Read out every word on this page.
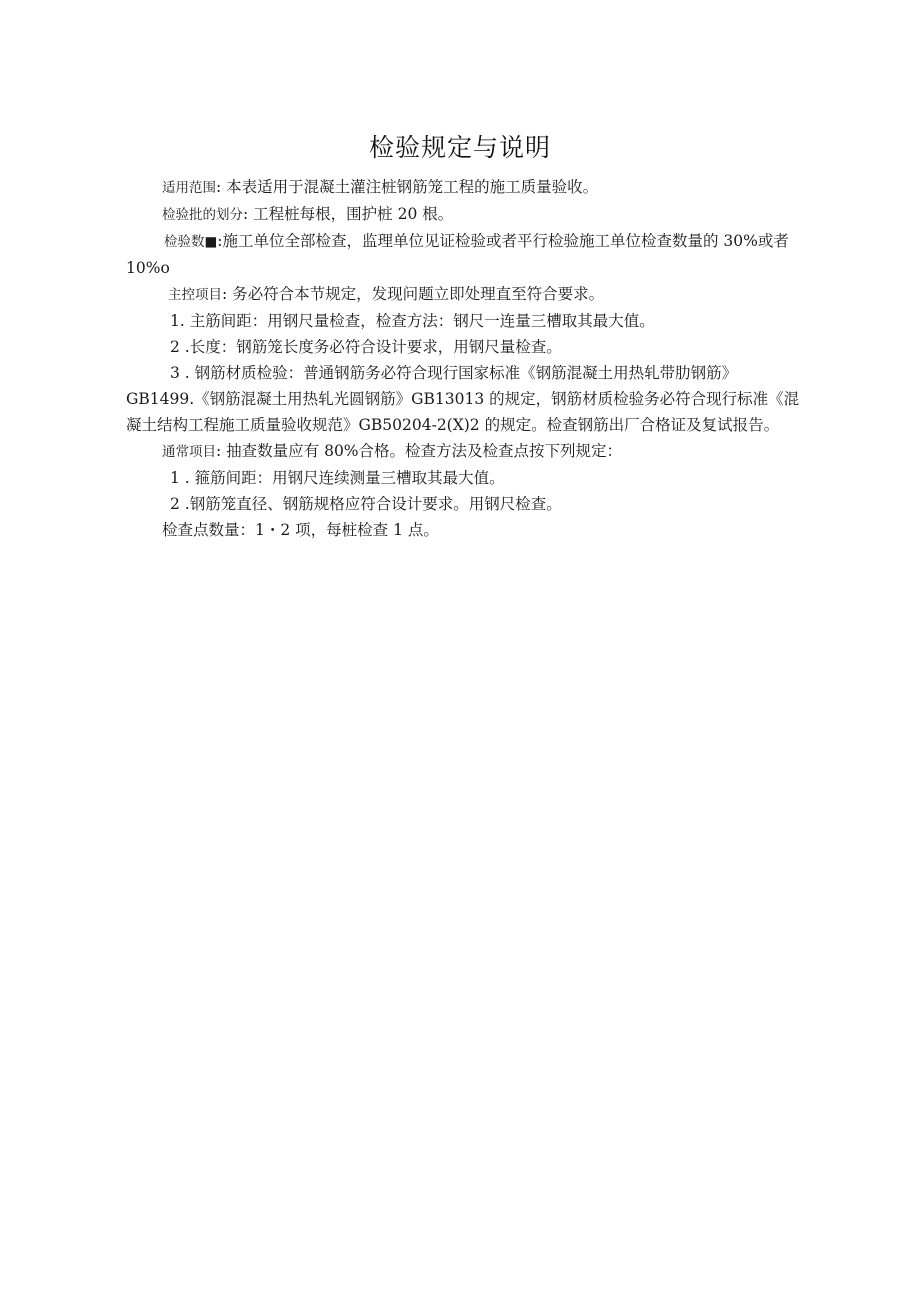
检验规定与说明
适用范围: 本表适用于混凝土灌注桩钢筋笼工程的施工质量验收。
检验批的划分: 工程桩每根，围护桩 20 根。
检验数■:施工单位全部检查，监理单位见证检验或者平行检验施工单位检查数量的 30%或者
10%o
主控项目: 务必符合本节规定，发现问题立即处理直至符合要求。
1. 主筋间距：用钢尺量检查，检查方法：钢尺一连量三槽取其最大值。
2 .长度：钢筋笼长度务必符合设计要求，用钢尺量检查。
3 . 钢筋材质检验：普通钢筋务必符合现行国家标准《钢筋混凝土用热轧带肋钢筋》
GB1499.《钢筋混凝土用热轧光圆钢筋》GB13013 的规定，钢筋材质检验务必符合现行标准《混
凝土结构工程施工质量验收规范》GB50204-2(X)2 的规定。检查钢筋出厂合格证及复试报告。
通常项目: 抽查数量应有 80%合格。检查方法及检查点按下列规定：
1 . 箍筋间距：用钢尺连续测量三槽取其最大值。
2 .钢筋笼直径、钢筋规格应符合设计要求。用钢尺检查。
检查点数量：1・2 项，每桩检查 1 点。
